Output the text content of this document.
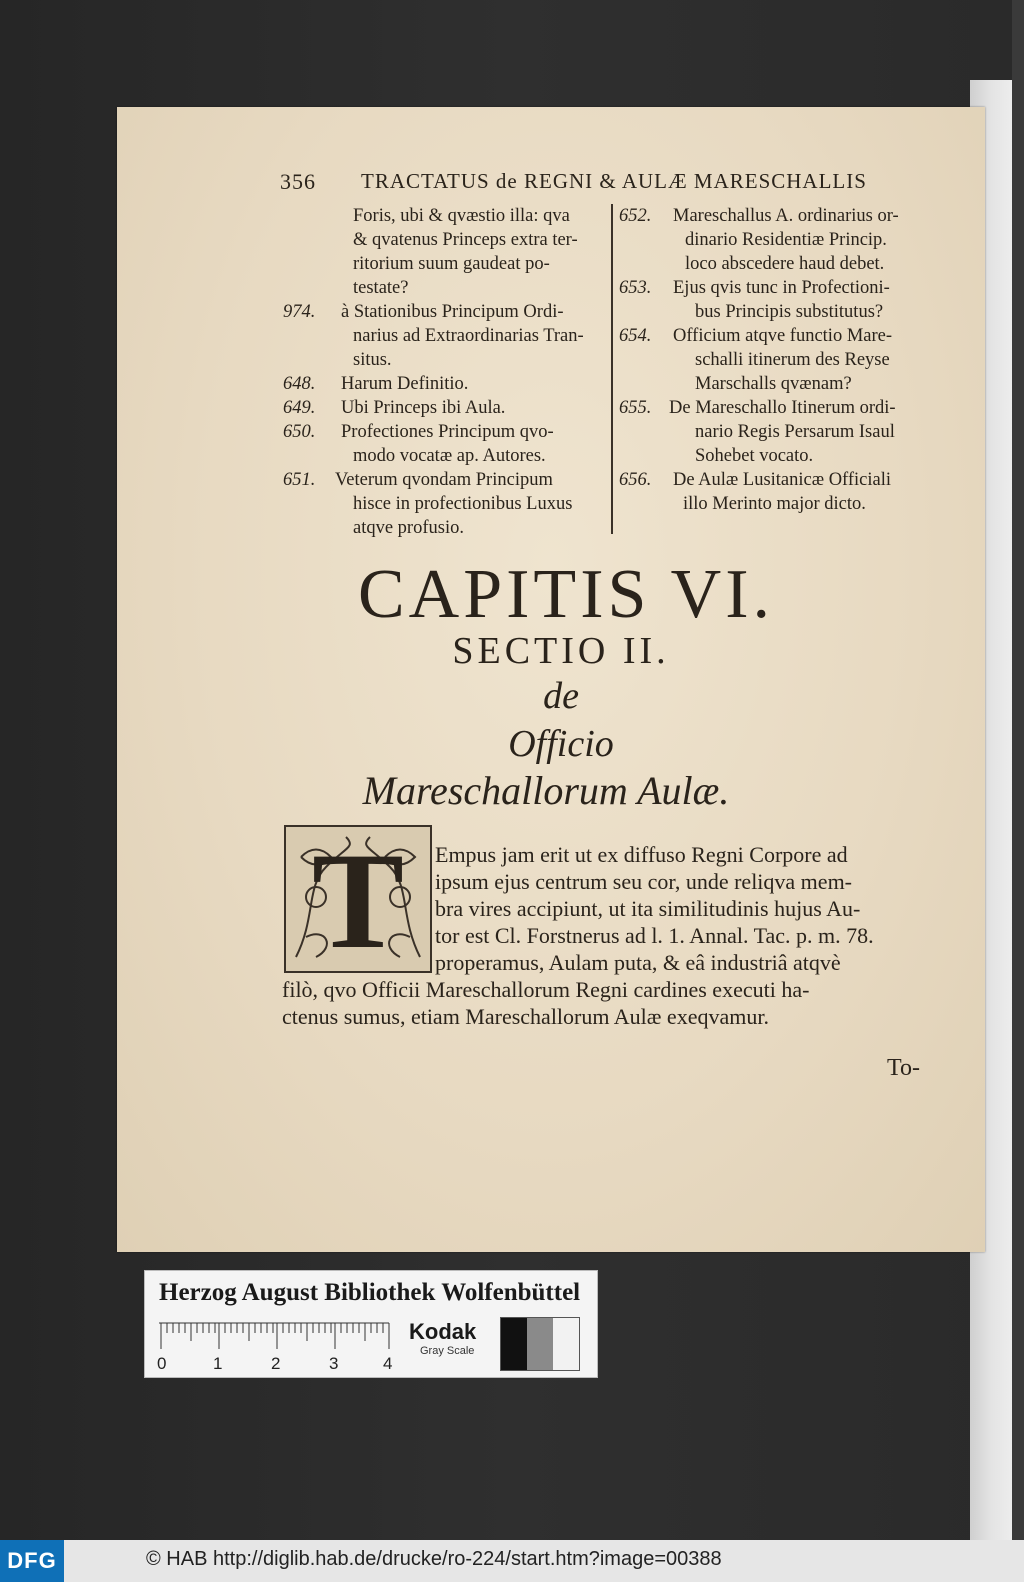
356 TRACTATUS de REGNI & AULÆ MARESCHALLIS
Foris, ubi & qvæstio illa: qva
& qvatenus Princeps extra ter-
ritorium suum gaudeat po-
testate?
974. à Stationibus Principum Ordi-
narius ad Extraordinarias Tran-
situs.
648. Harum Definitio.
649. Ubi Princeps ibi Aula.
650. Profectiones Principum qvo-
modo vocatæ ap. Autores.
651. Veterum qvondam Principum
hisce in profectionibus Luxus
atqve profusio.
652. Mareschallus A. ordinarius or-
dinario Residentiæ Princip.
loco abscedere haud debet.
653. Ejus qvis tunc in Profectioni-
bus Principis substitutus?
654. Officium atqve functio Mare-
schalli itinerum des Reyse
Marschalls qvænam?
655. De Mareschallo Itinerum ordi-
nario Regis Persarum Isaul
Sohebet vocato.
656. De Aulæ Lusitanicæ Officiali
illo Merinto major dicto.
CAPITIS VI.
SECTIO II.
de
Officio
Mareschallorum Aulæ.
T	Empus jam erit ut ex diffuso Regni Corpore ad
ipsum ejus centrum seu cor, unde reliqva mem-
bra vires accipiunt, ut ita similitudinis hujus Au-
tor est Cl. Forstnerus ad l. 1. Annal. Tac. p. m. 78.
properamus, Aulam puta, & eâ industriâ atqvè
filò, qvo Officii Mareschallorum Regni cardines executi ha-
ctenus sumus, etiam Mareschallorum Aulæ exeqvamur.
To-
Herzog August Bibliothek Wolfenbüttel
0	1	2	3	4
Kodak
Gray Scale
DFG	© HAB http://diglib.hab.de/drucke/ro-224/start.htm?image=00388
